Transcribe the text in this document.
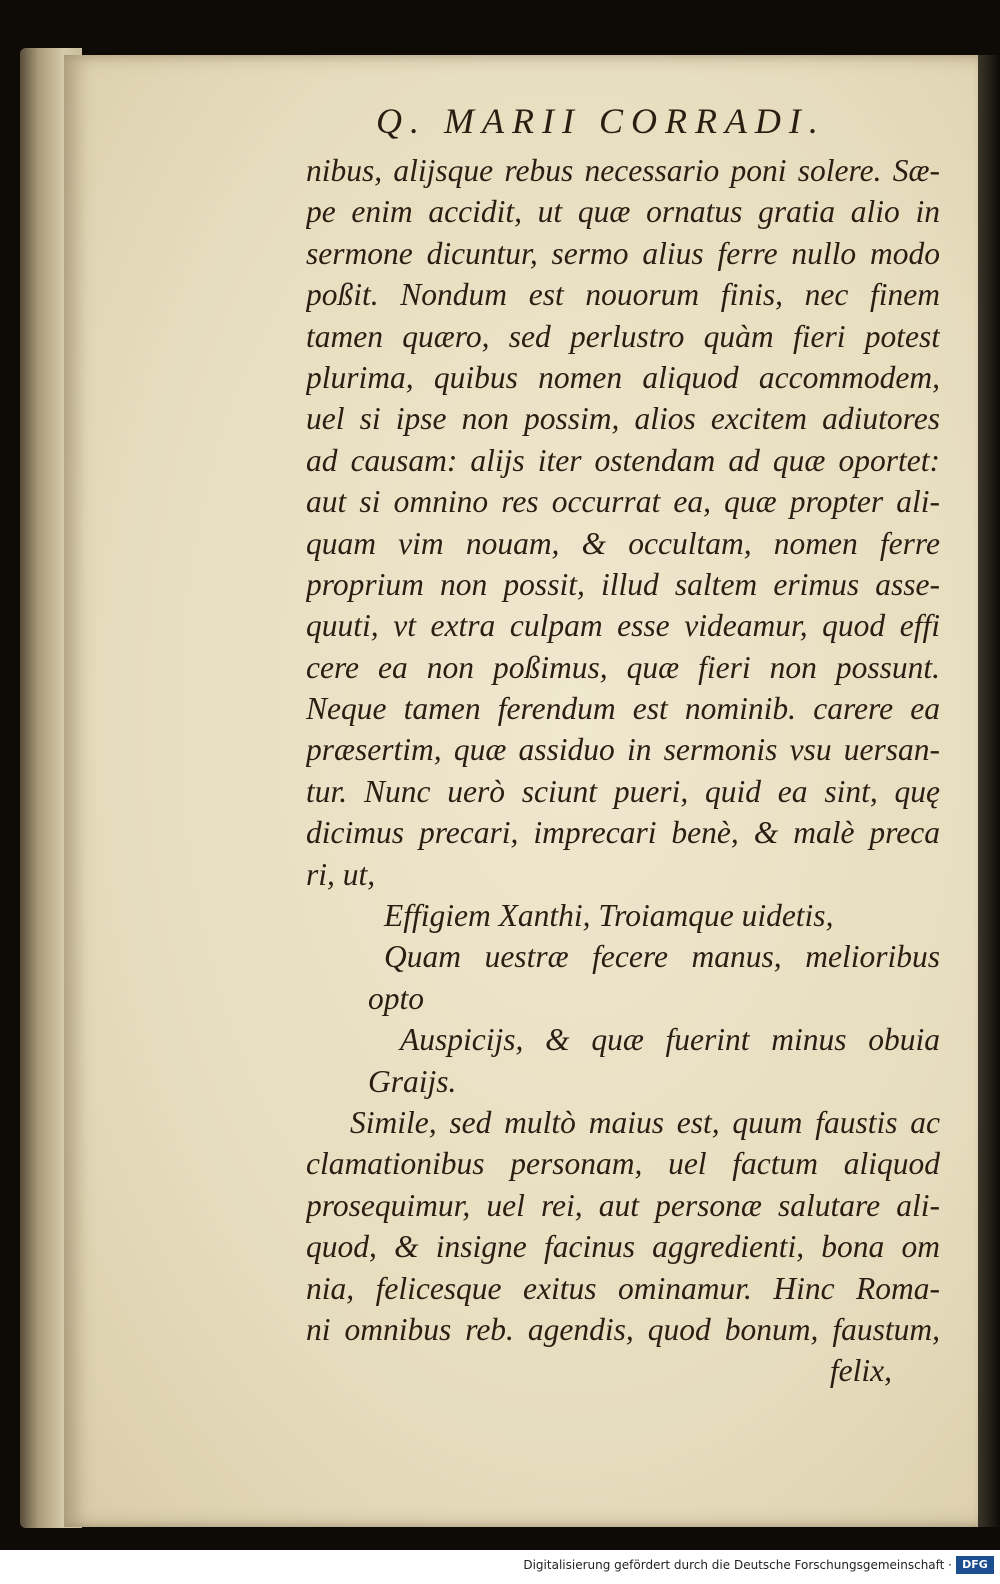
Q. MARII CORRADI.
nibus, alijsque rebus necessario poni solere. Sæ-
pe enim accidit, ut quæ ornatus gratia alio in
sermone dicuntur, sermo alius ferre nullo modo
poßit. Nondum est nouorum finis, nec finem
tamen quæro, sed perlustro quàm fieri potest
plurima, quibus nomen aliquod accommodem,
uel si ipse non possim, alios excitem adiutores
ad causam: alijs iter ostendam ad quæ oportet:
aut si omnino res occurrat ea, quæ propter ali-
quam vim nouam, & occultam, nomen ferre
proprium non possit, illud saltem erimus asse-
quuti, vt extra culpam esse videamur, quod effi
cere ea non poßimus, quæ fieri non possunt.
Neque tamen ferendum est nominib. carere ea
præsertim, quæ assiduo in sermonis vsu uersan-
tur. Nunc uerò sciunt pueri, quid ea sint, quę
dicimus precari, imprecari benè, & malè preca
ri, ut,
Effigiem Xanthi, Troiamque uidetis,
Quam uestræ fecere manus, melioribus
opto
Auspicijs, & quæ fuerint minus obuia
Graijs.
Simile, sed multò maius est, quum faustis ac
clamationibus personam, uel factum aliquod
prosequimur, uel rei, aut personæ salutare ali-
quod, & insigne facinus aggredienti, bona om
nia, felicesque exitus ominamur. Hinc Roma-
ni omnibus reb. agendis, quod bonum, faustum,
felix,
Digitalisierung gefördert durch die Deutsche Forschungsgemeinschaft · DFG
